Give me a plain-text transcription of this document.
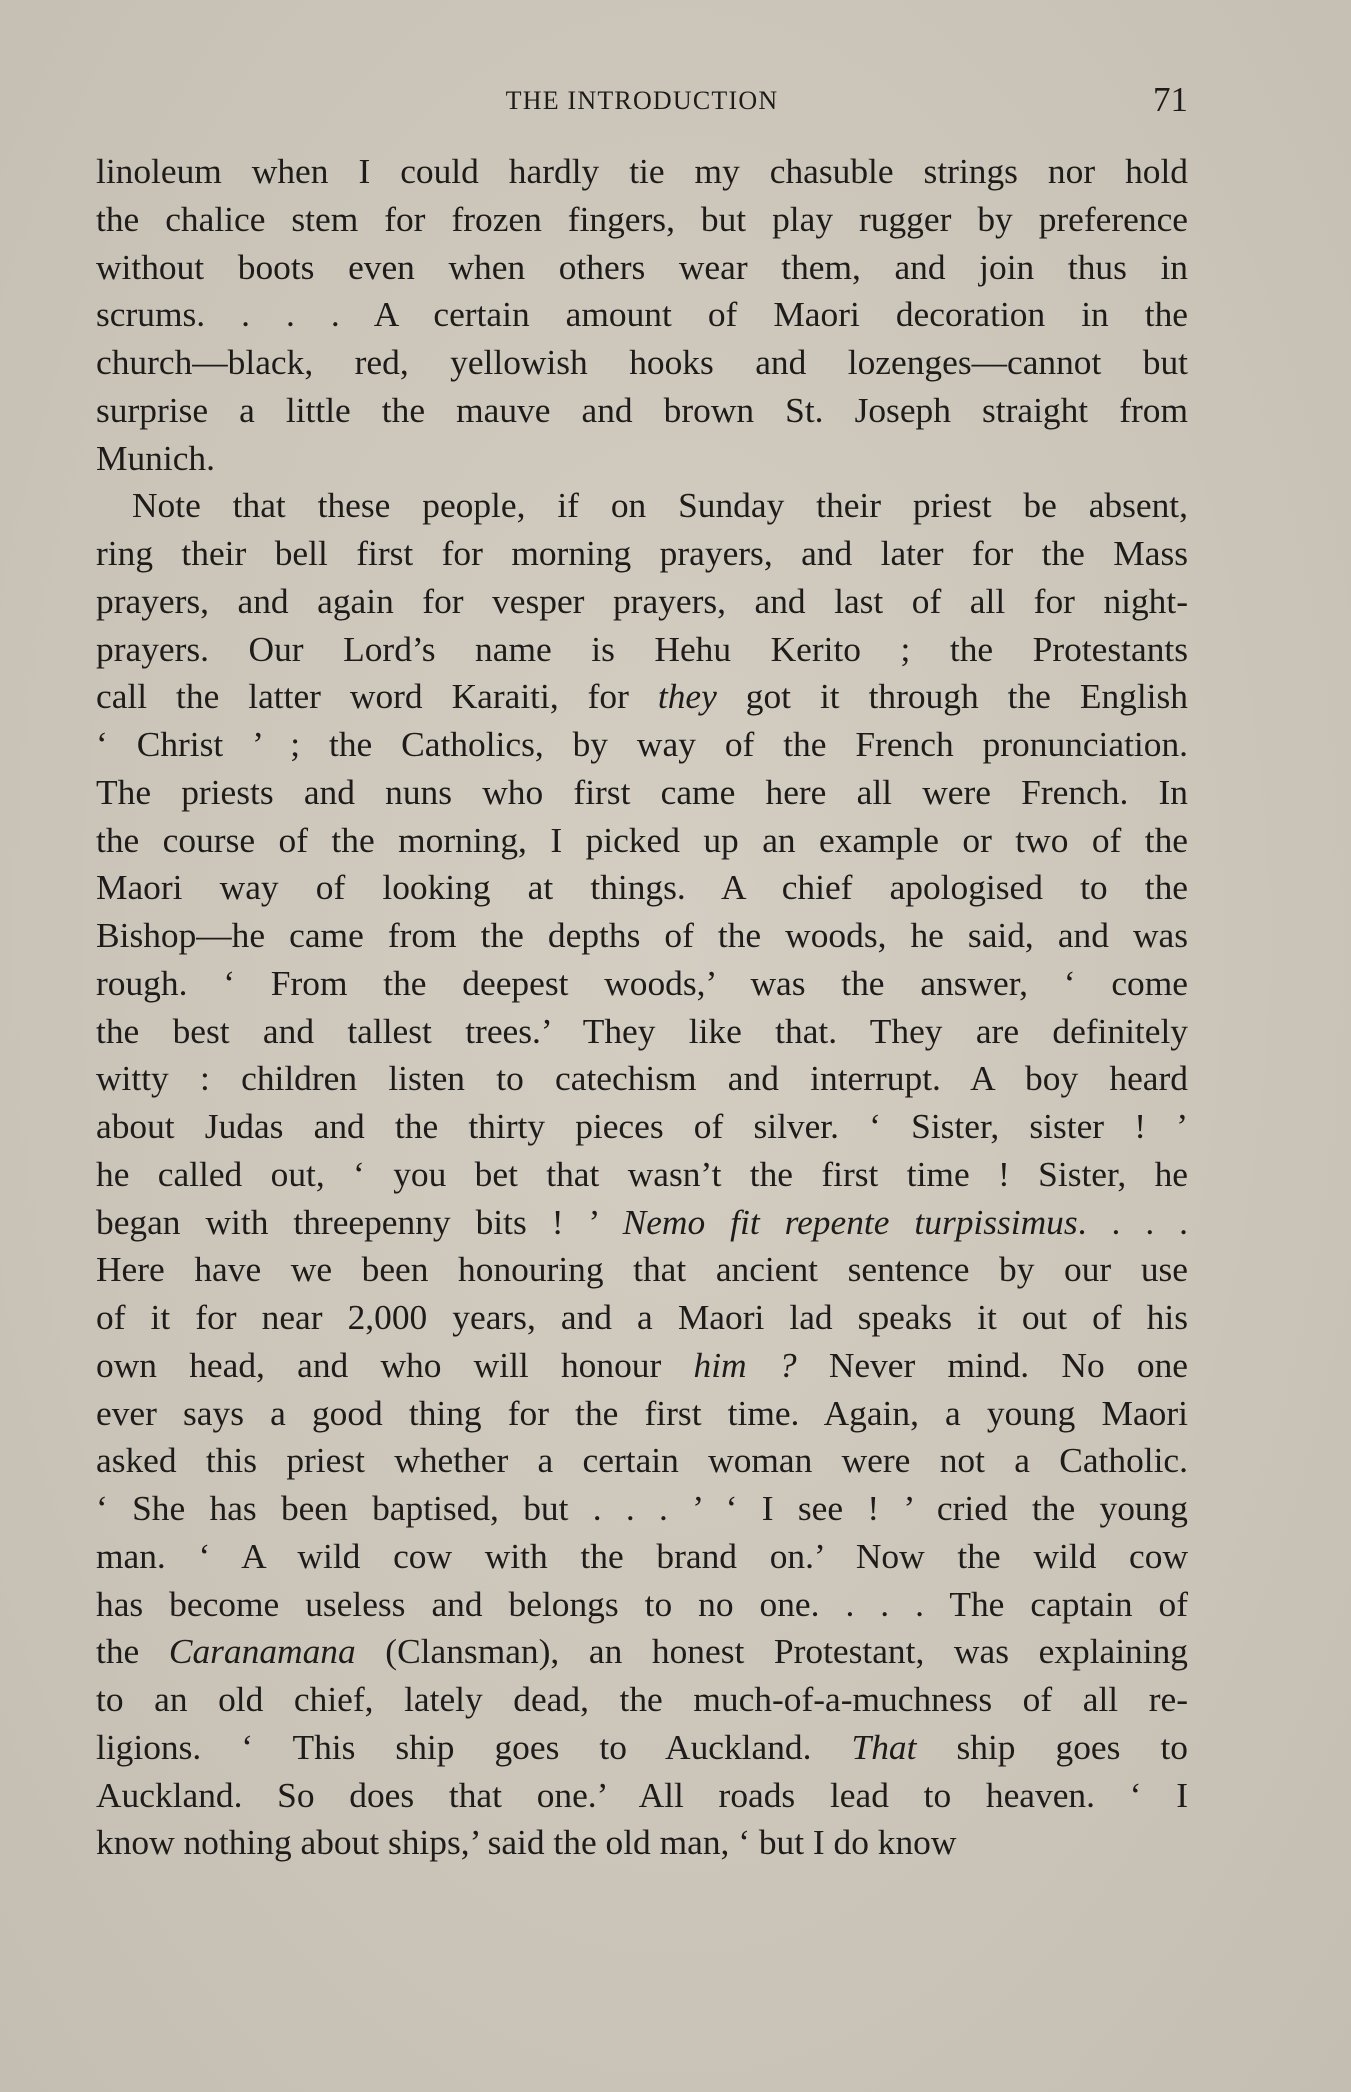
THE INTRODUCTION	71
linoleum when I could hardly tie my chasuble strings nor hold
the chalice stem for frozen fingers, but play rugger by preference
without boots even when others wear them, and join thus in
scrums. . . . A certain amount of Maori decoration in the
church—black, red, yellowish hooks and lozenges—cannot but
surprise a little the mauve and brown St. Joseph straight from
Munich.
Note that these people, if on Sunday their priest be absent,
ring their bell first for morning prayers, and later for the Mass
prayers, and again for vesper prayers, and last of all for night-
prayers. Our Lord’s name is Hehu Kerito ; the Protestants
call the latter word Karaiti, for they got it through the English
‘ Christ ’ ; the Catholics, by way of the French pronunciation.
The priests and nuns who first came here all were French. In
the course of the morning, I picked up an example or two of the
Maori way of looking at things. A chief apologised to the
Bishop—he came from the depths of the woods, he said, and was
rough. ‘ From the deepest woods,’ was the answer, ‘ come
the best and tallest trees.’ They like that. They are definitely
witty : children listen to catechism and interrupt. A boy heard
about Judas and the thirty pieces of silver. ‘ Sister, sister ! ’
he called out, ‘ you bet that wasn’t the first time ! Sister, he
began with threepenny bits ! ’ Nemo fit repente turpissimus. . . .
Here have we been honouring that ancient sentence by our use
of it for near 2,000 years, and a Maori lad speaks it out of his
own head, and who will honour him ? Never mind. No one
ever says a good thing for the first time. Again, a young Maori
asked this priest whether a certain woman were not a Catholic.
‘ She has been baptised, but . . . ’ ‘ I see ! ’ cried the young
man. ‘ A wild cow with the brand on.’ Now the wild cow
has become useless and belongs to no one. . . . The captain of
the Caranamana (Clansman), an honest Protestant, was explaining
to an old chief, lately dead, the much-of-a-muchness of all re-
ligions. ‘ This ship goes to Auckland. That ship goes to
Auckland. So does that one.’ All roads lead to heaven. ‘ I
know nothing about ships,’ said the old man, ‘ but I do know
